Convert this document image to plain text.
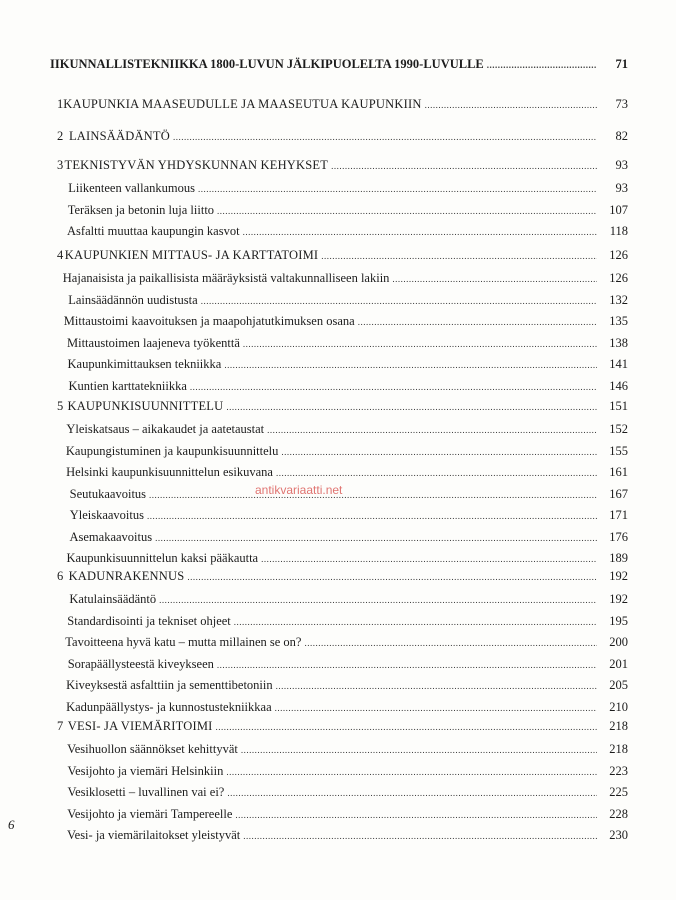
II KUNNALLISTEKNIIKKA 1800-LUVUN JÄLKIPUOLELTA 1990-LUVULLE .....	71
1 KAUPUNKIA MAASEUDULLE JA MAASEUTUA KAUPUNKIIN .....	73
2 LAINSÄÄDÄNTÖ .....	82
3 TEKNISTYVÄN YHDYSKUNNAN KEHYKSET .....	93
Liikenteen vallankumous .....	93
Teräksen ja betonin luja liitto .....	107
Asfaltti muuttaa kaupungin kasvot .....	118
4 KAUPUNKIEN MITTAUS- JA KARTTATOIMI .....	126
Hajanaisista ja paikallisista määräyksistä valtakunnalliseen lakiin .....	126
Lainsäädännön uudistusta .....	132
Mittaustoimi kaavoituksen ja maapohjatutkimuksen osana .....	135
Mittaustoimen laajeneva työkenttä .....	138
Kaupunkimittauksen tekniikka .....	141
Kuntien karttatekniikka .....	146
5 KAUPUNKISUUNNITTELU .....	151
Yleiskatsaus – aikakaudet ja aatetaustat .....	152
Kaupungistuminen ja kaupunkisuunnittelu .....	155
Helsinki kaupunkisuunnittelun esikuvana .....	161
Seutukaavoitus .....	167
Yleiskaavoitus .....	171
Asemakaavoitus .....	176
Kaupunkisuunnittelun kaksi pääkautta .....	189
6 KADUNRAKENNUS .....	192
Katulainsäädäntö .....	192
Standardisointi ja tekniset ohjeet .....	195
Tavoitteena hyvä katu – mutta millainen se on? .....	200
Sorapäällysteestä kiveykseen .....	201
Kiveyksestä asfalttiin ja sementtibetoniin .....	205
Kadunpäällystys- ja kunnostustekniikkaa .....	210
7 VESI- JA VIEMÄRITOIMI .....	218
Vesihuollon säännökset kehittyvät .....	218
Vesijohto ja viemäri Helsinkiin .....	223
Vesiklosetti – luvallinen vai ei? .....	225
Vesijohto ja viemäri Tampereelle .....	228
Vesi- ja viemärilaitokset yleistyvät .....	230
antikvariaatti.net
6
